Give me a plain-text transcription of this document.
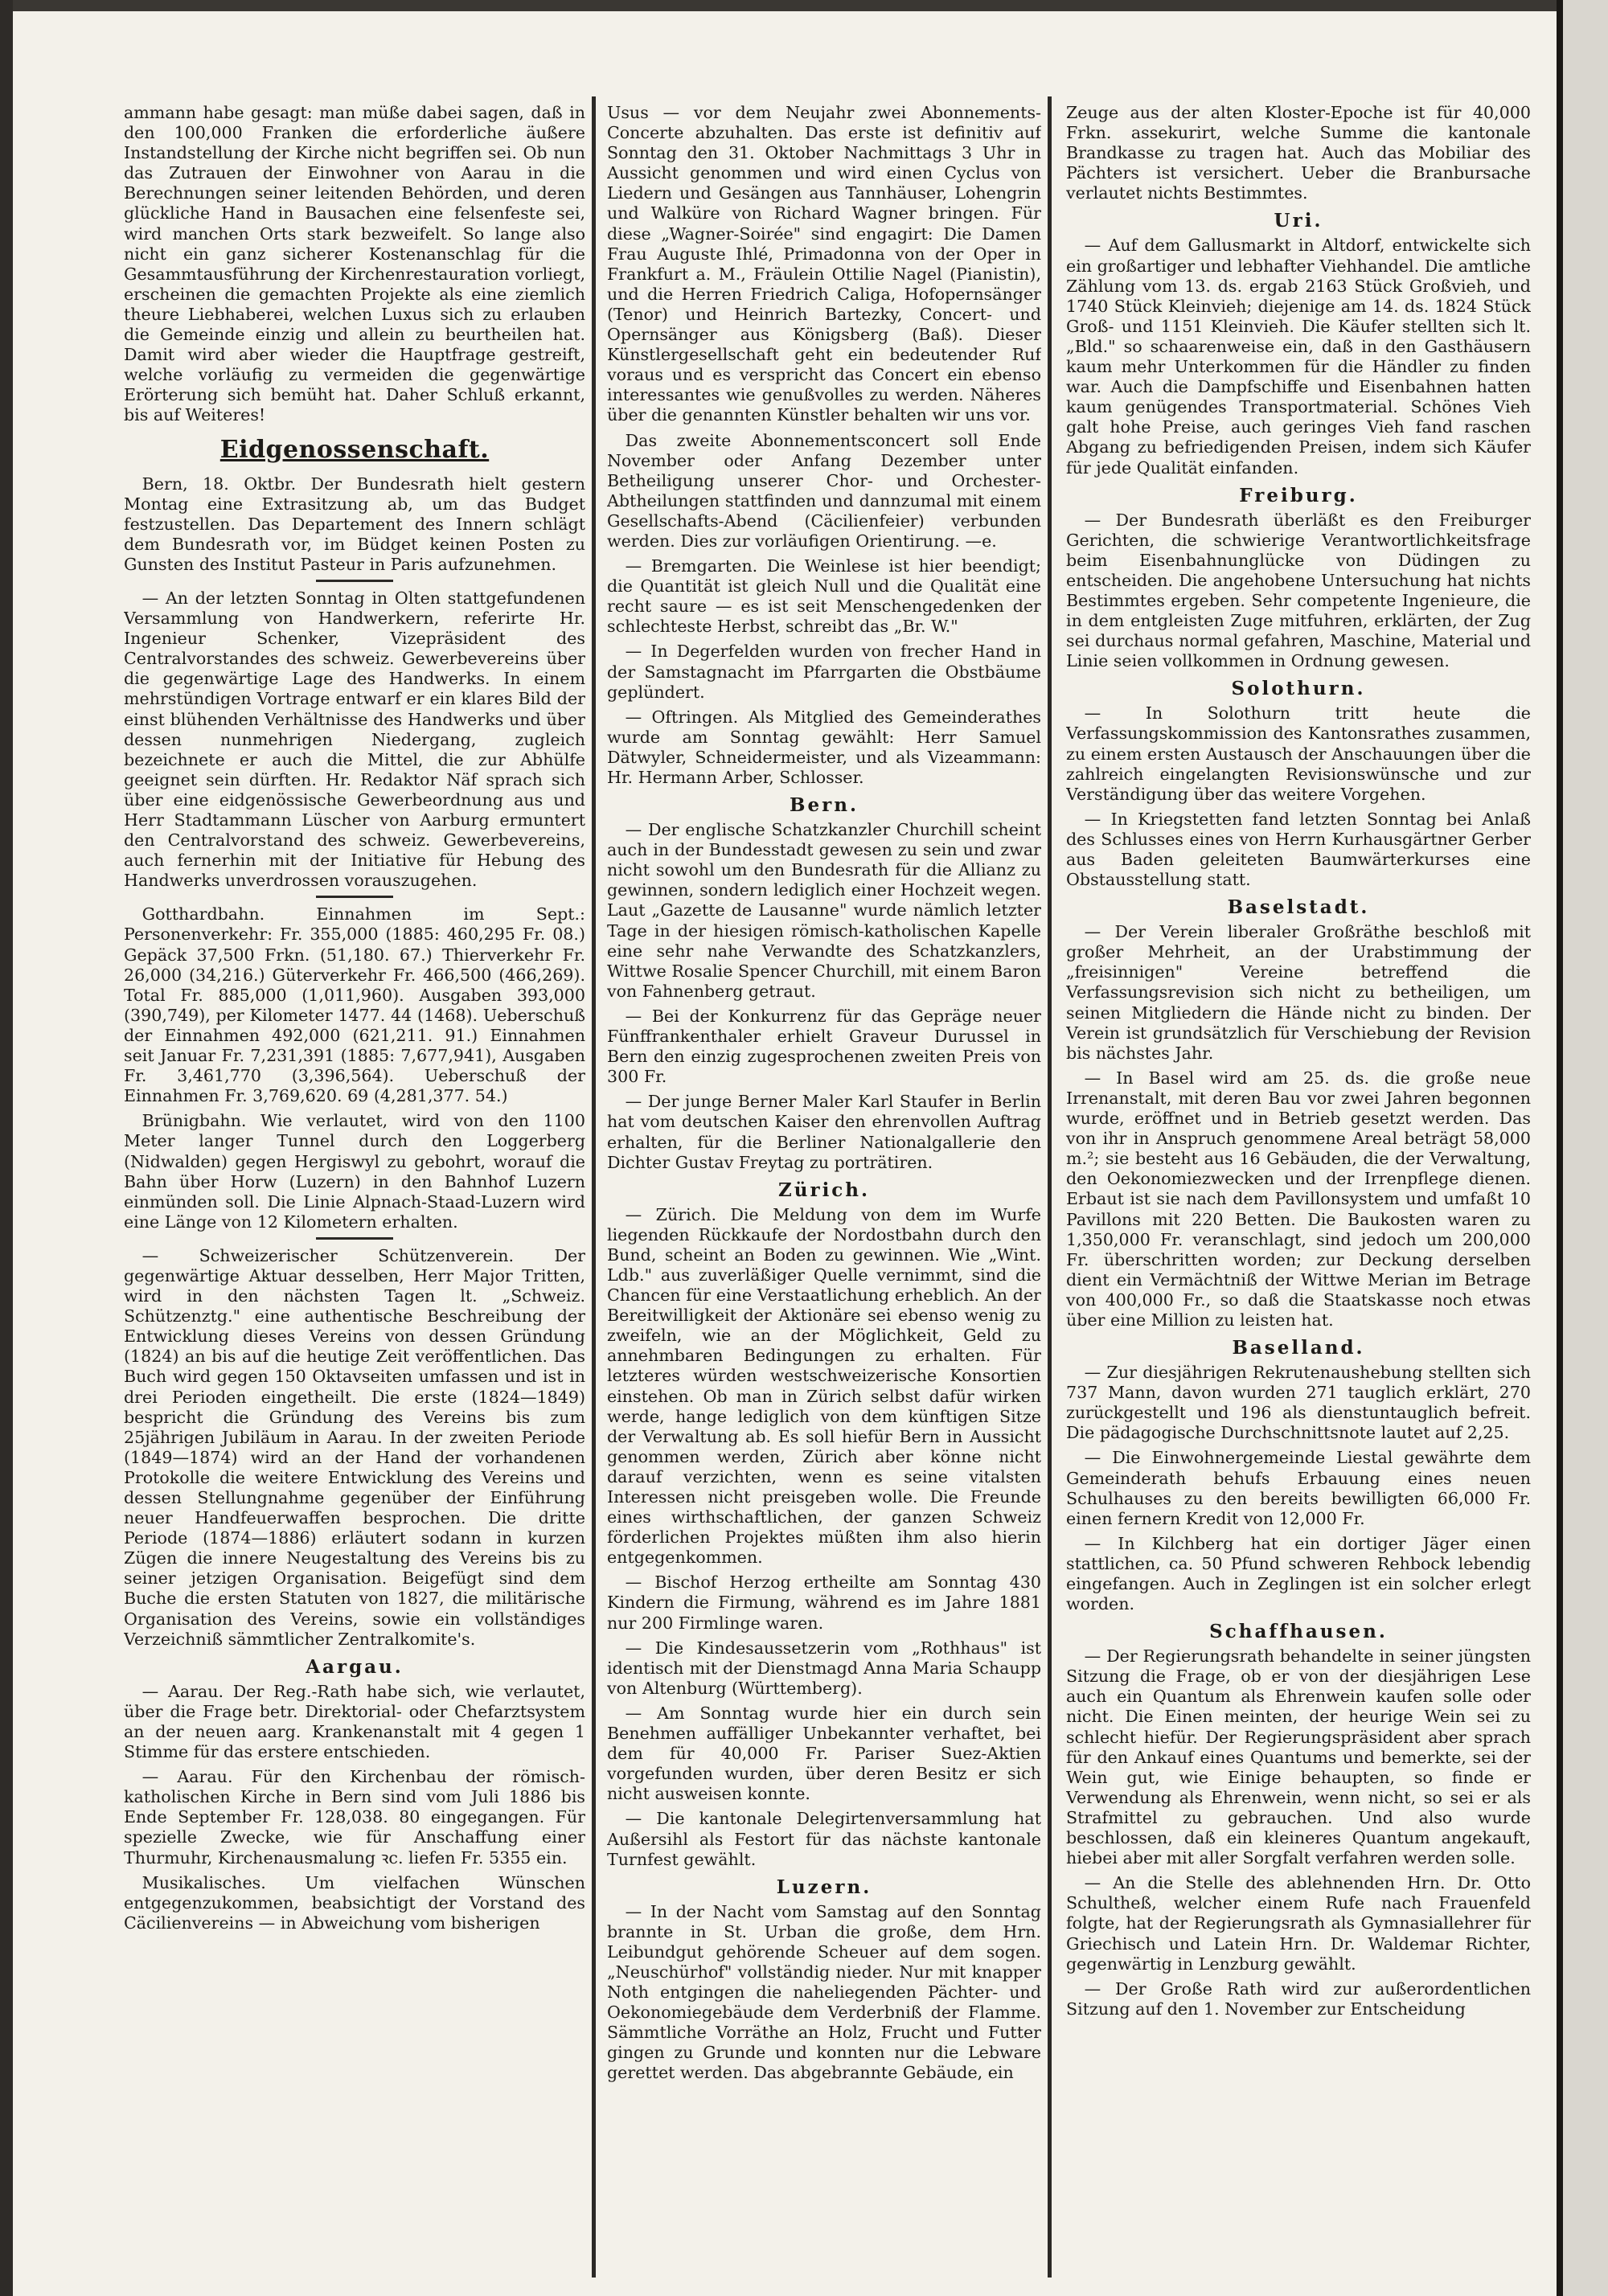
ammann habe gesagt: man müße dabei sagen, daß in den 100,000 Franken die erforderliche äußere Instandstellung der Kirche nicht begriffen sei. Ob nun das Zutrauen der Einwohner von Aarau in die Berechnungen seiner leitenden Behörden, und deren glückliche Hand in Bausachen eine felsenfeste sei, wird manchen Orts stark bezweifelt. So lange also nicht ein ganz sicherer Kostenanschlag für die Gesammtausführung der Kirchenrestauration vorliegt, erscheinen die gemachten Projekte als eine ziemlich theure Liebhaberei, welchen Luxus sich zu erlauben die Gemeinde einzig und allein zu beurtheilen hat. Damit wird aber wieder die Hauptfrage gestreift, welche vorläufig zu vermeiden die gegenwärtige Erörterung sich bemüht hat. Daher Schluß erkannt, bis auf Weiteres!

Eidgenossenschaft.

Bern, 18. Oktbr. Der Bundesrath hielt gestern Montag eine Extrasitzung ab, um das Budget festzustellen. Das Departement des Innern schlägt dem Bundesrath vor, im Büdget keinen Posten zu Gunsten des Institut Pasteur in Paris aufzunehmen.

— An der letzten Sonntag in Olten stattgefundenen Versammlung von Handwerkern, referirte Hr. Ingenieur Schenker, Vizepräsident des Centralvorstandes des schweiz. Gewerbevereins über die gegenwärtige Lage des Handwerks. In einem mehrstündigen Vortrage entwarf er ein klares Bild der einst blühenden Verhältnisse des Handwerks und über dessen nunmehrigen Niedergang, zugleich bezeichnete er auch die Mittel, die zur Abhülfe geeignet sein dürften. Hr. Redaktor Näf sprach sich über eine eidgenössische Gewerbeordnung aus und Herr Stadtammann Lüscher von Aarburg ermuntert den Centralvorstand des schweiz. Gewerbevereins, auch fernerhin mit der Initiative für Hebung des Handwerks unverdrossen vorauszugehen.

Gotthardbahn. Einnahmen im Sept.: Personenverkehr: Fr. 355,000 (1885: 460,295 Fr. 08.) Gepäck 37,500 Frkn. (51,180. 67.) Thierverkehr Fr. 26,000 (34,216.) Güterverkehr Fr. 466,500 (466,269). Total Fr. 885,000 (1,011,960). Ausgaben 393,000 (390,749), per Kilometer 1477. 44 (1468). Ueberschuß der Einnahmen 492,000 (621,211. 91.) Einnahmen seit Januar Fr. 7,231,391 (1885: 7,677,941), Ausgaben Fr. 3,461,770 (3,396,564). Ueberschuß der Einnahmen Fr. 3,769,620. 69 (4,281,377. 54.)

Brünigbahn. Wie verlautet, wird von den 1100 Meter langer Tunnel durch den Loggerberg (Nidwalden) gegen Hergiswyl zu gebohrt, worauf die Bahn über Horw (Luzern) in den Bahnhof Luzern einmünden soll. Die Linie Alpnach-Staad-Luzern wird eine Länge von 12 Kilometern erhalten.

— Schweizerischer Schützenverein. Der gegenwärtige Aktuar desselben, Herr Major Tritten, wird in den nächsten Tagen lt. „Schweiz. Schützenztg." eine authentische Beschreibung der Entwicklung dieses Vereins von dessen Gründung (1824) an bis auf die heutige Zeit veröffentlichen. Das Buch wird gegen 150 Oktavseiten umfassen und ist in drei Perioden eingetheilt. Die erste (1824—1849) bespricht die Gründung des Vereins bis zum 25jährigen Jubiläum in Aarau. In der zweiten Periode (1849—1874) wird an der Hand der vorhandenen Protokolle die weitere Entwicklung des Vereins und dessen Stellungnahme gegenüber der Einführung neuer Handfeuerwaffen besprochen. Die dritte Periode (1874—1886) erläutert sodann in kurzen Zügen die innere Neugestaltung des Vereins bis zu seiner jetzigen Organisation. Beigefügt sind dem Buche die ersten Statuten von 1827, die militärische Organisation des Vereins, sowie ein vollständiges Verzeichniß sämmtlicher Zentralkomite's.

Aargau.

— Aarau. Der Reg.-Rath habe sich, wie verlautet, über die Frage betr. Direktorial- oder Chefarztsystem an der neuen aarg. Krankenanstalt mit 4 gegen 1 Stimme für das erstere entschieden.

— Aarau. Für den Kirchenbau der römisch-katholischen Kirche in Bern sind vom Juli 1886 bis Ende September Fr. 128,038. 80 eingegangen. Für spezielle Zwecke, wie für Anschaffung einer Thurmuhr, Kirchenausmalung ꝛc. liefen Fr. 5355 ein.

Musikalisches. Um vielfachen Wünschen entgegenzukommen, beabsichtigt der Vorstand des Cäcilienvereins — in Abweichung vom bisherigen

Usus — vor dem Neujahr zwei Abonnements-Concerte abzuhalten. Das erste ist definitiv auf Sonntag den 31. Oktober Nachmittags 3 Uhr in Aussicht genommen und wird einen Cyclus von Liedern und Gesängen aus Tannhäuser, Lohengrin und Walküre von Richard Wagner bringen. Für diese „Wagner-Soirée" sind engagirt: Die Damen Frau Auguste Ihlé, Primadonna von der Oper in Frankfurt a. M., Fräulein Ottilie Nagel (Pianistin), und die Herren Friedrich Caliga, Hofopernsänger (Tenor) und Heinrich Bartezky, Concert- und Opernsänger aus Königsberg (Baß). Dieser Künstlergesellschaft geht ein bedeutender Ruf voraus und es verspricht das Concert ein ebenso interessantes wie genußvolles zu werden. Näheres über die genannten Künstler behalten wir uns vor.

Das zweite Abonnementsconcert soll Ende November oder Anfang Dezember unter Betheiligung unserer Chor- und Orchester-Abtheilungen stattfinden und dannzumal mit einem Gesellschafts-Abend (Cäcilienfeier) verbunden werden. Dies zur vorläufigen Orientirung. —e.

— Bremgarten. Die Weinlese ist hier beendigt; die Quantität ist gleich Null und die Qualität eine recht saure — es ist seit Menschengedenken der schlechteste Herbst, schreibt das „Br. W."

— In Degerfelden wurden von frecher Hand in der Samstagnacht im Pfarrgarten die Obstbäume geplündert.

— Oftringen. Als Mitglied des Gemeinderathes wurde am Sonntag gewählt: Herr Samuel Dätwyler, Schneidermeister, und als Vizeammann: Hr. Hermann Arber, Schlosser.

Bern.

— Der englische Schatzkanzler Churchill scheint auch in der Bundesstadt gewesen zu sein und zwar nicht sowohl um den Bundesrath für die Allianz zu gewinnen, sondern lediglich einer Hochzeit wegen. Laut „Gazette de Lausanne" wurde nämlich letzter Tage in der hiesigen römisch-katholischen Kapelle eine sehr nahe Verwandte des Schatzkanzlers, Wittwe Rosalie Spencer Churchill, mit einem Baron von Fahnenberg getraut.

— Bei der Konkurrenz für das Gepräge neuer Fünffrankenthaler erhielt Graveur Durussel in Bern den einzig zugesprochenen zweiten Preis von 300 Fr.

— Der junge Berner Maler Karl Staufer in Berlin hat vom deutschen Kaiser den ehrenvollen Auftrag erhalten, für die Berliner Nationalgallerie den Dichter Gustav Freytag zu porträtiren.

Zürich.

— Zürich. Die Meldung von dem im Wurfe liegenden Rückkaufe der Nordostbahn durch den Bund, scheint an Boden zu gewinnen. Wie „Wint. Ldb." aus zuverläßiger Quelle vernimmt, sind die Chancen für eine Verstaatlichung erheblich. An der Bereitwilligkeit der Aktionäre sei ebenso wenig zu zweifeln, wie an der Möglichkeit, Geld zu annehmbaren Bedingungen zu erhalten. Für letzteres würden westschweizerische Konsortien einstehen. Ob man in Zürich selbst dafür wirken werde, hange lediglich von dem künftigen Sitze der Verwaltung ab. Es soll hiefür Bern in Aussicht genommen werden, Zürich aber könne nicht darauf verzichten, wenn es seine vitalsten Interessen nicht preisgeben wolle. Die Freunde eines wirthschaftlichen, der ganzen Schweiz förderlichen Projektes müßten ihm also hierin entgegenkommen.

— Bischof Herzog ertheilte am Sonntag 430 Kindern die Firmung, während es im Jahre 1881 nur 200 Firmlinge waren.

— Die Kindesaussetzerin vom „Rothhaus" ist identisch mit der Dienstmagd Anna Maria Schaupp von Altenburg (Württemberg).

— Am Sonntag wurde hier ein durch sein Benehmen auffälliger Unbekannter verhaftet, bei dem für 40,000 Fr. Pariser Suez-Aktien vorgefunden wurden, über deren Besitz er sich nicht ausweisen konnte.

— Die kantonale Delegirtenversammlung hat Außersihl als Festort für das nächste kantonale Turnfest gewählt.

Luzern.

— In der Nacht vom Samstag auf den Sonntag brannte in St. Urban die große, dem Hrn. Leibundgut gehörende Scheuer auf dem sogen. „Neuschürhof" vollständig nieder. Nur mit knapper Noth entgingen die naheliegenden Pächter- und Oekonomiegebäude dem Verderbniß der Flamme. Sämmtliche Vorräthe an Holz, Frucht und Futter gingen zu Grunde und konnten nur die Lebware gerettet werden. Das abgebrannte Gebäude, ein

Zeuge aus der alten Kloster-Epoche ist für 40,000 Frkn. assekurirt, welche Summe die kantonale Brandkasse zu tragen hat. Auch das Mobiliar des Pächters ist versichert. Ueber die Branbursache verlautet nichts Bestimmtes.

Uri.

— Auf dem Gallusmarkt in Altdorf, entwickelte sich ein großartiger und lebhafter Viehhandel. Die amtliche Zählung vom 13. ds. ergab 2163 Stück Großvieh, und 1740 Stück Kleinvieh; diejenige am 14. ds. 1824 Stück Groß- und 1151 Kleinvieh. Die Käufer stellten sich lt. „Bld." so schaarenweise ein, daß in den Gasthäusern kaum mehr Unterkommen für die Händler zu finden war. Auch die Dampfschiffe und Eisenbahnen hatten kaum genügendes Transportmaterial. Schönes Vieh galt hohe Preise, auch geringes Vieh fand raschen Abgang zu befriedigenden Preisen, indem sich Käufer für jede Qualität einfanden.

Freiburg.

— Der Bundesrath überläßt es den Freiburger Gerichten, die schwierige Verantwortlichkeitsfrage beim Eisenbahnunglücke von Düdingen zu entscheiden. Die angehobene Untersuchung hat nichts Bestimmtes ergeben. Sehr competente Ingenieure, die in dem entgleisten Zuge mitfuhren, erklärten, der Zug sei durchaus normal gefahren, Maschine, Material und Linie seien vollkommen in Ordnung gewesen.

Solothurn.

— In Solothurn tritt heute die Verfassungskommission des Kantonsrathes zusammen, zu einem ersten Austausch der Anschauungen über die zahlreich eingelangten Revisionswünsche und zur Verständigung über das weitere Vorgehen.

— In Kriegstetten fand letzten Sonntag bei Anlaß des Schlusses eines von Herrn Kurhausgärtner Gerber aus Baden geleiteten Baumwärterkurses eine Obstausstellung statt.

Baselstadt.

— Der Verein liberaler Großräthe beschloß mit großer Mehrheit, an der Urabstimmung der „freisinnigen" Vereine betreffend die Verfassungsrevision sich nicht zu betheiligen, um seinen Mitgliedern die Hände nicht zu binden. Der Verein ist grundsätzlich für Verschiebung der Revision bis nächstes Jahr.

— In Basel wird am 25. ds. die große neue Irrenanstalt, mit deren Bau vor zwei Jahren begonnen wurde, eröffnet und in Betrieb gesetzt werden. Das von ihr in Anspruch genommene Areal beträgt 58,000 m.²; sie besteht aus 16 Gebäuden, die der Verwaltung, den Oekonomiezwecken und der Irrenpflege dienen. Erbaut ist sie nach dem Pavillonsystem und umfaßt 10 Pavillons mit 220 Betten. Die Baukosten waren zu 1,350,000 Fr. veranschlagt, sind jedoch um 200,000 Fr. überschritten worden; zur Deckung derselben dient ein Vermächtniß der Wittwe Merian im Betrage von 400,000 Fr., so daß die Staatskasse noch etwas über eine Million zu leisten hat.

Baselland.

— Zur diesjährigen Rekrutenaushebung stellten sich 737 Mann, davon wurden 271 tauglich erklärt, 270 zurückgestellt und 196 als dienstuntauglich befreit. Die pädagogische Durchschnittsnote lautet auf 2,25.

— Die Einwohnergemeinde Liestal gewährte dem Gemeinderath behufs Erbauung eines neuen Schulhauses zu den bereits bewilligten 66,000 Fr. einen fernern Kredit von 12,000 Fr.

— In Kilchberg hat ein dortiger Jäger einen stattlichen, ca. 50 Pfund schweren Rehbock lebendig eingefangen. Auch in Zeglingen ist ein solcher erlegt worden.

Schaffhausen.

— Der Regierungsrath behandelte in seiner jüngsten Sitzung die Frage, ob er von der diesjährigen Lese auch ein Quantum als Ehrenwein kaufen solle oder nicht. Die Einen meinten, der heurige Wein sei zu schlecht hiefür. Der Regierungspräsident aber sprach für den Ankauf eines Quantums und bemerkte, sei der Wein gut, wie Einige behaupten, so finde er Verwendung als Ehrenwein, wenn nicht, so sei er als Strafmittel zu gebrauchen. Und also wurde beschlossen, daß ein kleineres Quantum angekauft, hiebei aber mit aller Sorgfalt verfahren werden solle.

— An die Stelle des ablehnenden Hrn. Dr. Otto Schultheß, welcher einem Rufe nach Frauenfeld folgte, hat der Regierungsrath als Gymnasiallehrer für Griechisch und Latein Hrn. Dr. Waldemar Richter, gegenwärtig in Lenzburg gewählt.

— Der Große Rath wird zur außerordentlichen Sitzung auf den 1. November zur Entscheidung
